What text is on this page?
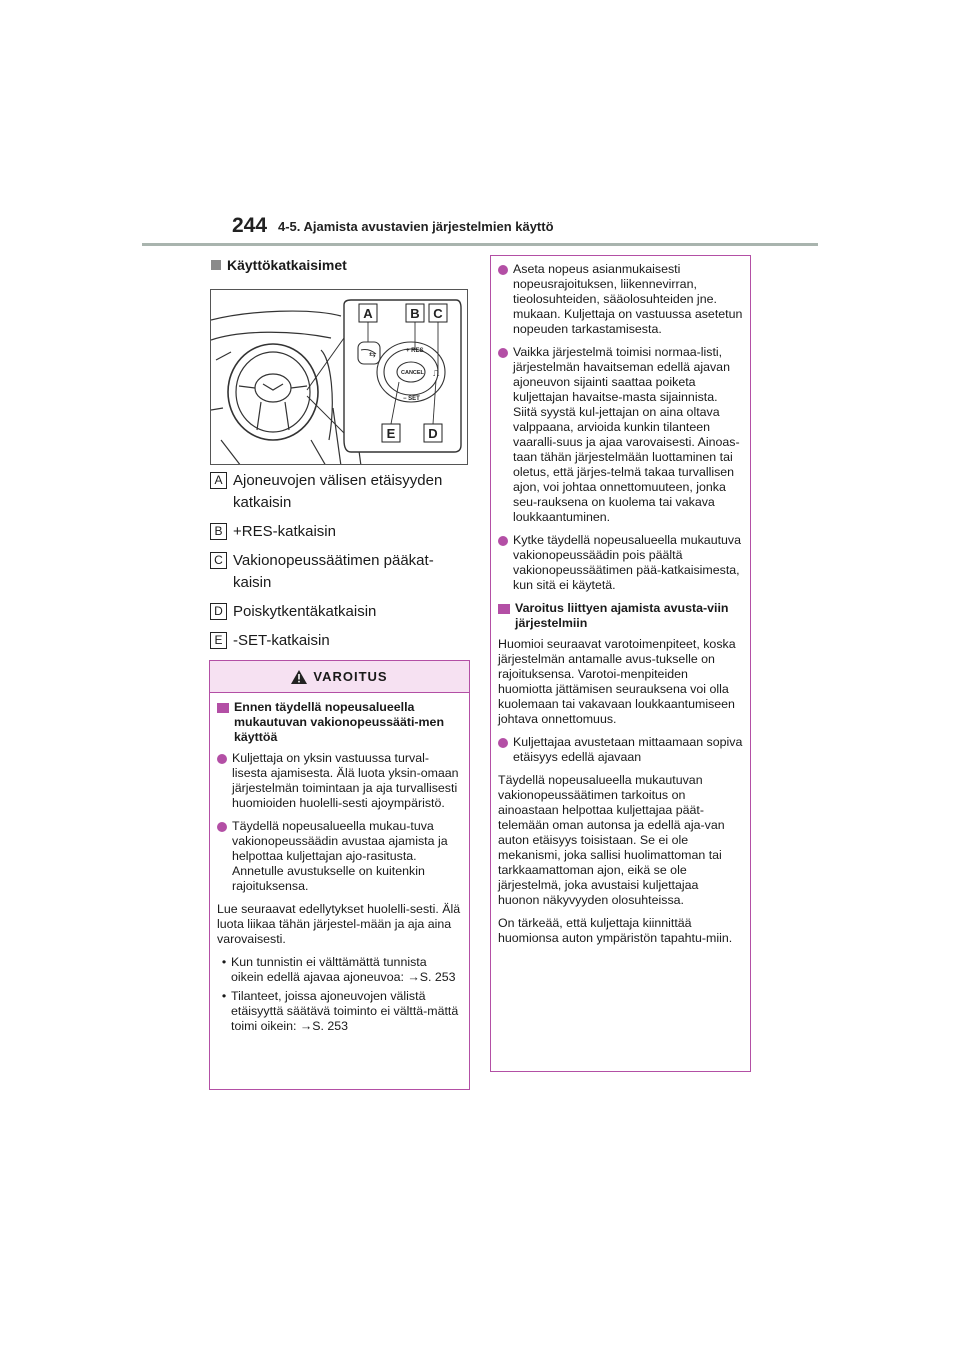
244 4-5. Ajamista avustavien järjestelmien käyttö
Käyttökatkaisimet
⇆	+ RES
− SET
CANCEL ⎍
A	B C
E	D
A Ajoneuvojen välisen etäisyyden katkaisin
B +RES-katkaisin
C Vakionopeussäätimen pääkat-kaisin
D Poiskytkentäkatkaisin
E -SET-katkaisin
VAROITUS
Ennen täydellä nopeusalueella mukautuvan vakionopeussääti-men käyttöä
Kuljettaja on yksin vastuussa turval-lisesta ajamisesta. Älä luota yksin-omaan järjestelmän toimintaan ja aja turvallisesti huomioiden huolelli-sesti ajoympäristö.
Täydellä nopeusalueella mukau-tuva vakionopeussäädin avustaa ajamista ja helpottaa kuljettajan ajo-rasitusta. Annetulle avustukselle on kuitenkin rajoituksensa.
Lue seuraavat edellytykset huolelli-sesti. Älä luota liikaa tähän järjestel-mään ja aja aina varovaisesti.
• Kun tunnistin ei välttämättä tunnista oikein edellä ajavaa ajoneuvoa: →S. 253
• Tilanteet, joissa ajoneuvojen välistä etäisyyttä säätävä toiminto ei välttä-mättä toimi oikein: →S. 253
Aseta nopeus asianmukaisesti nopeusrajoituksen, liikennevirran, tieolosuhteiden, sääolosuhteiden jne. mukaan. Kuljettaja on vastuussa asetetun nopeuden tarkastamisesta.
Vaikka järjestelmä toimisi normaa-listi, järjestelmän havaitseman edellä ajavan ajoneuvon sijainti saattaa poiketa kuljettajan havaitse-masta sijainnista. Siitä syystä kul-jettajan on aina oltava valppaana, arvioida kunkin tilanteen vaaralli-suus ja ajaa varovaisesti. Ainoas-taan tähän järjestelmään luottaminen tai oletus, että järjes-telmä takaa turvallisen ajon, voi johtaa onnettomuuteen, jonka seu-rauksena on kuolema tai vakava loukkaantuminen.
Kytke täydellä nopeusalueella mukautuva vakionopeussäädin pois päältä vakionopeussäätimen pää-katkaisimesta, kun sitä ei käytetä.
Varoitus liittyen ajamista avusta-viin järjestelmiin
Huomioi seuraavat varotoimenpiteet, koska järjestelmän antamalle avus-tukselle on rajoituksensa. Varotoi-menpiteiden huomiotta jättämisen seurauksena voi olla kuolemaan tai vakavaan loukkaantumiseen johtava onnettomuus.
Kuljettajaa avustetaan mittaamaan sopiva etäisyys edellä ajavaan
Täydellä nopeusalueella mukautuvan vakionopeussäätimen tarkoitus on ainoastaan helpottaa kuljettajaa päät-telemään oman autonsa ja edellä aja-van auton etäisyys toisistaan. Se ei ole mekanismi, joka sallisi huolimattoman tai tarkkaamattoman ajon, eikä se ole järjestelmä, joka avustaisi kuljettajaa huonon näkyvyyden olosuhteissa.
On tärkeää, että kuljettaja kiinnittää huomionsa auton ympäristön tapahtu-miin.
